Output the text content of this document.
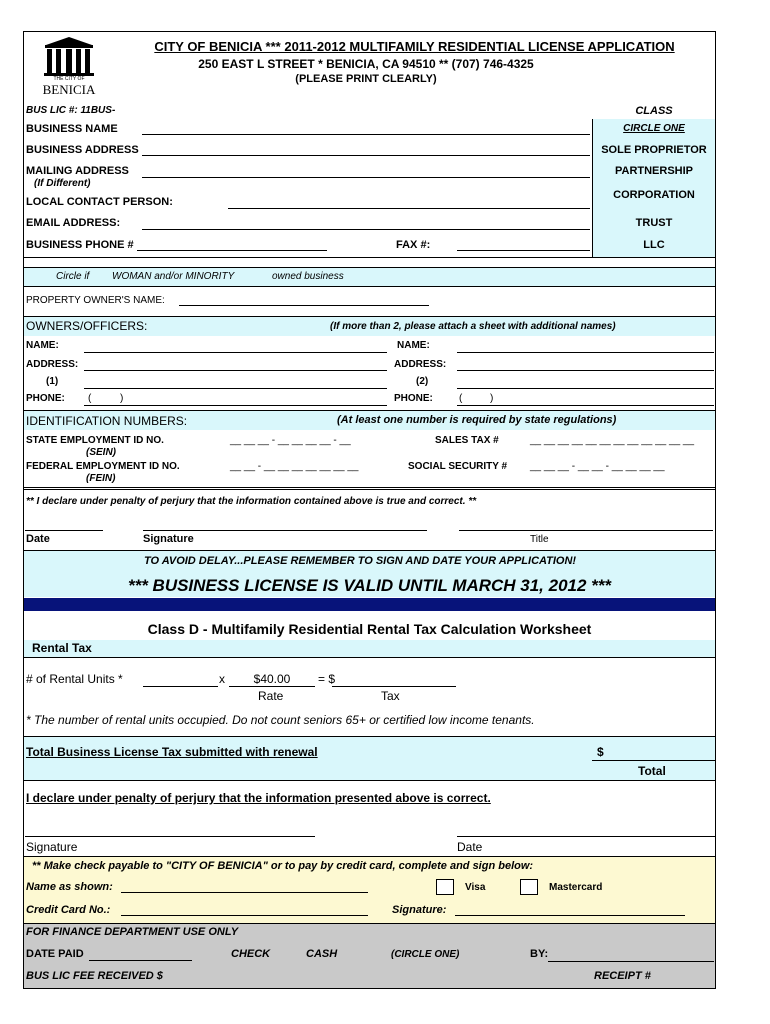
THE CITY OF
BENICIA
CITY OF BENICIA *** 2011-2012 MULTIFAMILY RESIDENTIAL LICENSE APPLICATION
250 EAST L STREET * BENICIA, CA 94510 ** (707) 746-4325
(PLEASE PRINT CLEARLY)
BUS LIC #: 11BUS-
BUSINESS NAME
BUSINESS ADDRESS
MAILING ADDRESS
(If Different)
LOCAL CONTACT PERSON:
EMAIL ADDRESS:
BUSINESS PHONE #	FAX #:
CLASS
CIRCLE ONE
SOLE PROPRIETOR
PARTNERSHIP
CORPORATION
TRUST
LLC
Circle if WOMAN and/or MINORITY	owned business
PROPERTY OWNER'S NAME:
OWNERS/OFFICERS:	(If more than 2, please attach a sheet with additional names)
NAME:	NAME:
ADDRESS:	ADDRESS:
(1)	(2)
PHONE: (	)	PHONE:	(	)
IDENTIFICATION NUMBERS:	(At least one number is required by state regulations)
STATE EMPLOYMENT ID NO.
(SEIN)
__ __ __ - __ __ __ __ - __	SALES TAX #	__ __ __ __ __ __ __ __ __ __ __ __
FEDERAL EMPLOYMENT ID NO.
(FEIN)
__ __ - __ __ __ __ __ __ __	SOCIAL SECURITY # __ __ __ - __ __ - __ __ __ __
** I declare under penalty of perjury that the information contained above is true and correct. **
Date	Signature	Title
TO AVOID DELAY...PLEASE REMEMBER TO SIGN AND DATE YOUR APPLICATION!
*** BUSINESS LICENSE IS VALID UNTIL MARCH 31, 2012 ***
Class D - Multifamily Residential Rental Tax Calculation Worksheet
Rental Tax
# of Rental Units *	x	$40.00	= $
Rate	Tax
* The number of rental units occupied. Do not count seniors 65+ or certified low income tenants.
Total Business License Tax submitted with renewal	$
Total
I declare under penalty of perjury that the information presented above is correct.
Signature	Date
** Make check payable to "CITY OF BENICIA" or to pay by credit card, complete and sign below:
Name as shown:	Visa	Mastercard
Credit Card No.:	Signature:
FOR FINANCE DEPARTMENT USE ONLY
DATE PAID	CHECK	CASH	(CIRCLE ONE)	BY:
BUS LIC FEE RECEIVED $	RECEIPT #
